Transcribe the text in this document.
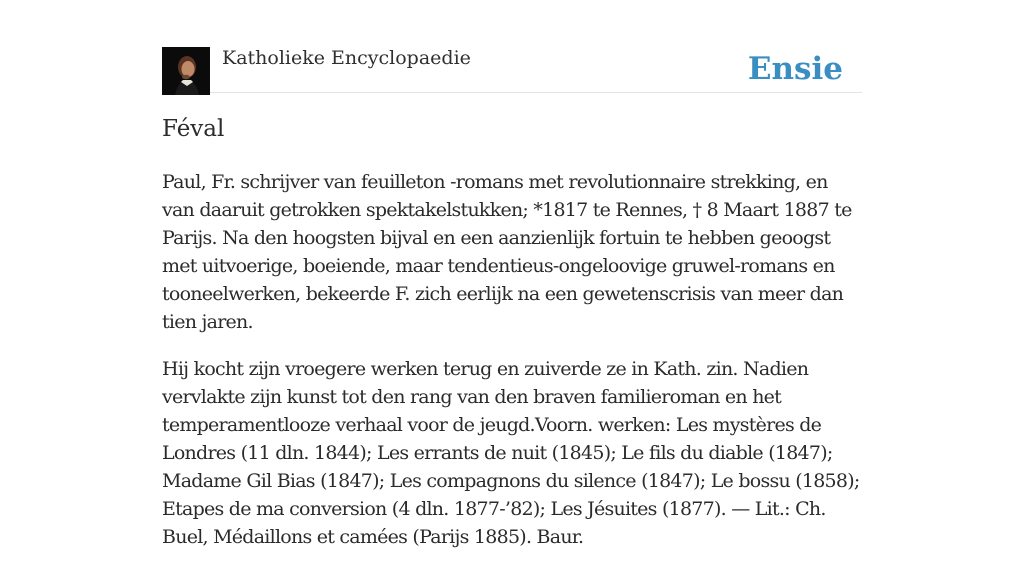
Katholieke Encyclopaedie	Ensie
Féval

Paul, Fr. schrijver van feuilleton -romans met revolutionnaire strekking, en van daaruit getrokken spektakelstukken; *1817 te Rennes, † 8 Maart 1887 te Parijs. Na den hoogsten bijval en een aanzienlijk fortuin te hebben geoogst met uitvoerige, boeiende, maar tendentieus-ongeloovige gruwel-romans en tooneelwerken, bekeerde F. zich eerlijk na een gewetenscrisis van meer dan tien jaren.

Hij kocht zijn vroegere werken terug en zuiverde ze in Kath. zin. Nadien vervlakte zijn kunst tot den rang van den braven familieroman en het temperamentlooze verhaal voor de jeugd.Voorn. werken: Les mystères de Londres (11 dln. 1844); Les errants de nuit (1845); Le fils du diable (1847); Madame Gil Bias (1847); Les compagnons du silence (1847); Le bossu (1858); Etapes de ma conversion (4 dln. 1877-’82); Les Jésuites (1877). — Lit.: Ch. Buel, Médaillons et camées (Parijs 1885). Baur.
